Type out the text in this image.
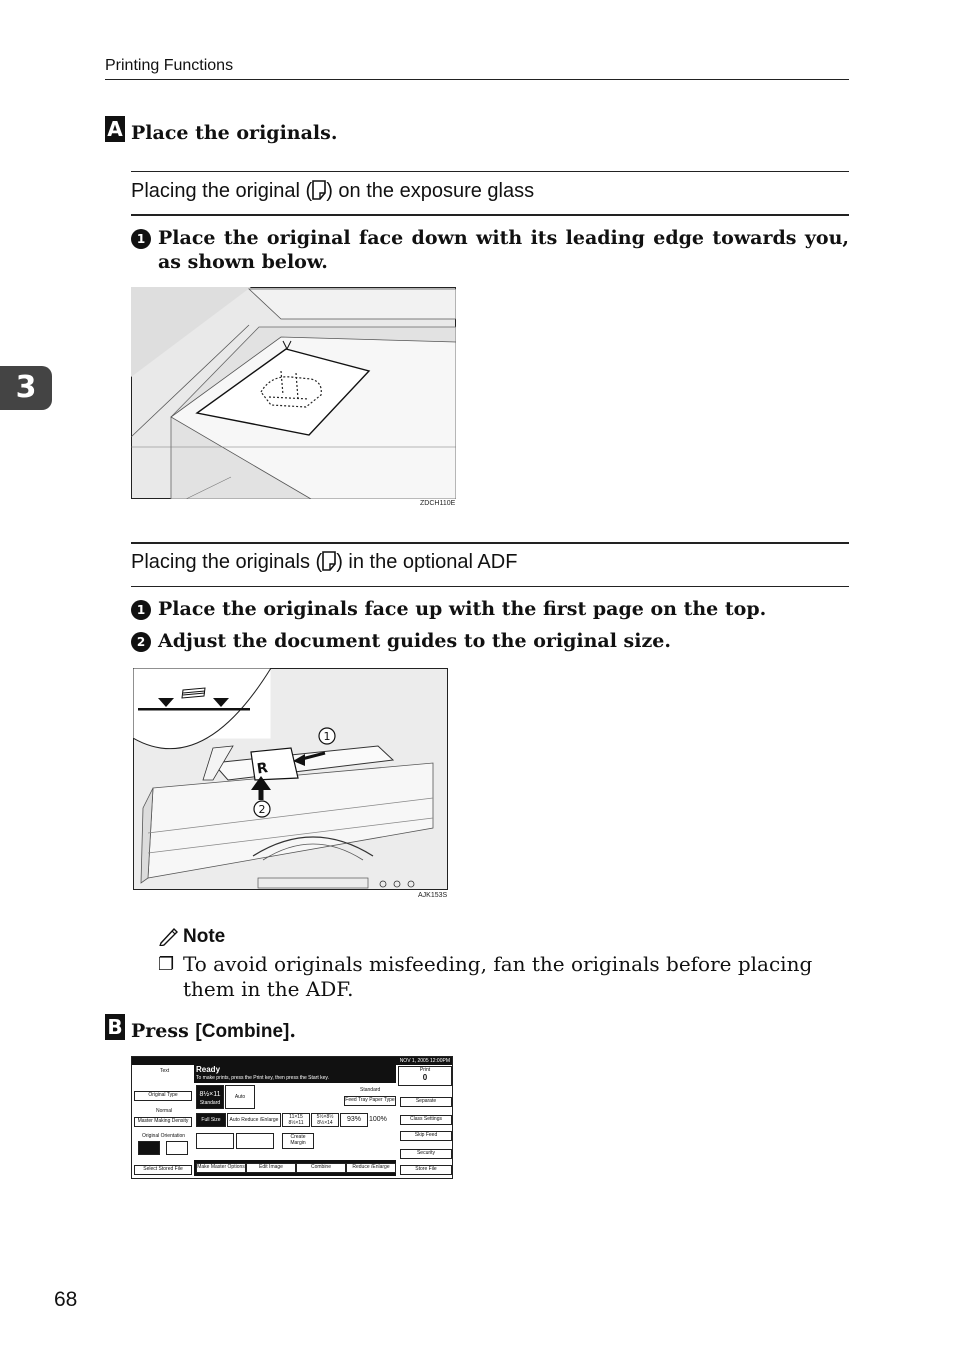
Printing Functions
3
A Place the originals.
Placing the original ( ) on the exposure glass
1 Place the original face down with its leading edge towards you, as shown below.
ZDCH110E
Placing the originals ( ) in the optional ADF
1 Place the originals face up with the first page on the top.
2 Adjust the document guides to the original size.
R
1
2
AJK153S
Note
❐ To avoid originals misfeeding, fan the originals before placing them in the ADF.
B Press [Combine].
NOV 1, 2005 12:00PM
Text
Original Type
Normal
Master Making Density
Original Orientation
Select Stored File
Ready
To make prints, press the Print key, then press the Start key.
8½×11
Standard
Auto
Standard
Feed Tray Paper Type
Full Size	Auto Reduce /Enlarge	11×15
8½×11
5½×8½
8½×14	93%	100%
Create Margin
Make Master Options	Edit Image	Combine	Reduce /Enlarge
Print
0
Separate
Class Settings
Skip Feed
Security
Store File
68
